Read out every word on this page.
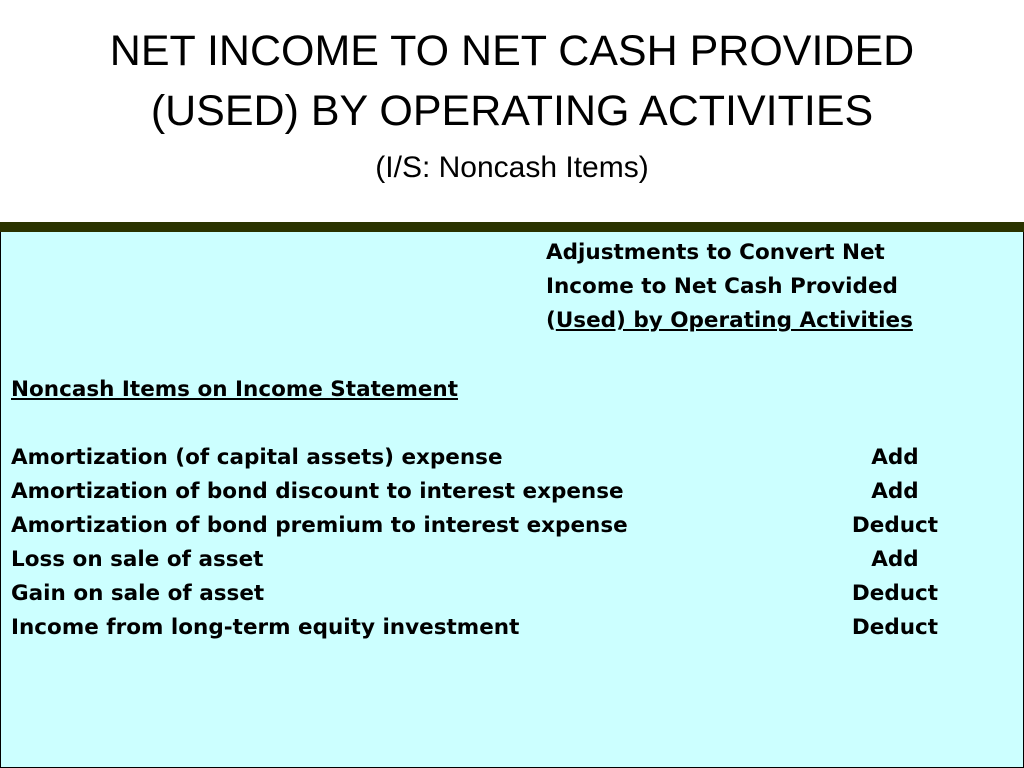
NET INCOME TO NET CASH PROVIDED
(USED) BY OPERATING ACTIVITIES
(I/S: Noncash Items)
Adjustments to Convert Net
Income to Net Cash Provided
(Used) by Operating Activities
Noncash Items on Income Statement
Amortization (of capital assets) expense	Add
Amortization of bond discount to interest expense	Add
Amortization of bond premium to interest expense	Deduct
Loss on sale of asset	Add
Gain on sale of asset	Deduct
Income from long-term equity investment	Deduct
